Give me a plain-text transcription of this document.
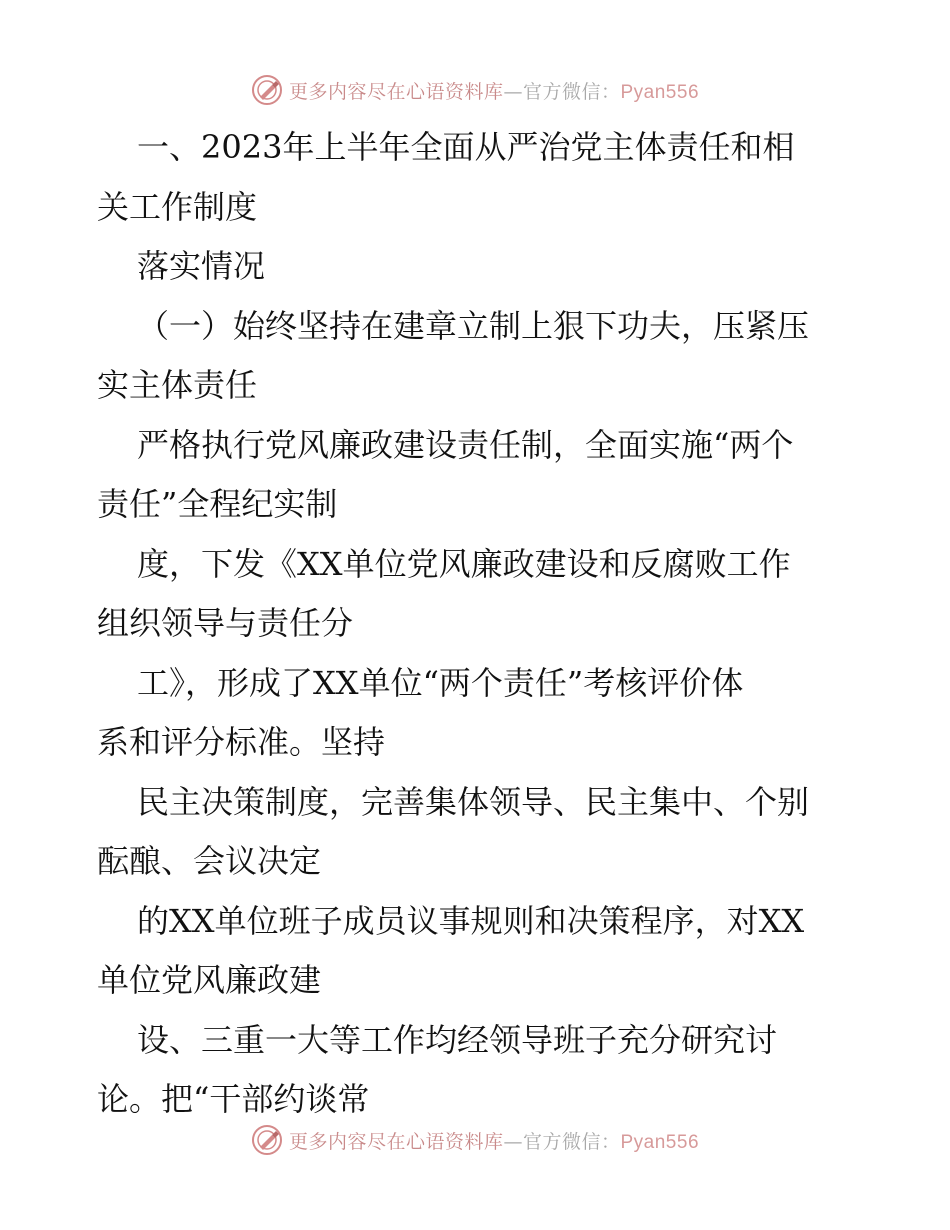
更多内容尽在心语资料库—官方微信：Pyan556
一、2023年上半年全面从严治党主体责任和相
关工作制度
落实情况
（一）始终坚持在建章立制上狠下功夫，压紧压
实主体责任
严格执行党风廉政建设责任制，全面实施“两个
责任”全程纪实制
度，下发《XX单位党风廉政建设和反腐败工作
组织领导与责任分
工》，形成了XX单位“两个责任”考核评价体
系和评分标准。坚持
民主决策制度，完善集体领导、民主集中、个别
酝酿、会议决定
的XX单位班子成员议事规则和决策程序，对XX
单位党风廉政建
设、三重一大等工作均经领导班子充分研究讨
论。把“干部约谈常
更多内容尽在心语资料库—官方微信：Pyan556
